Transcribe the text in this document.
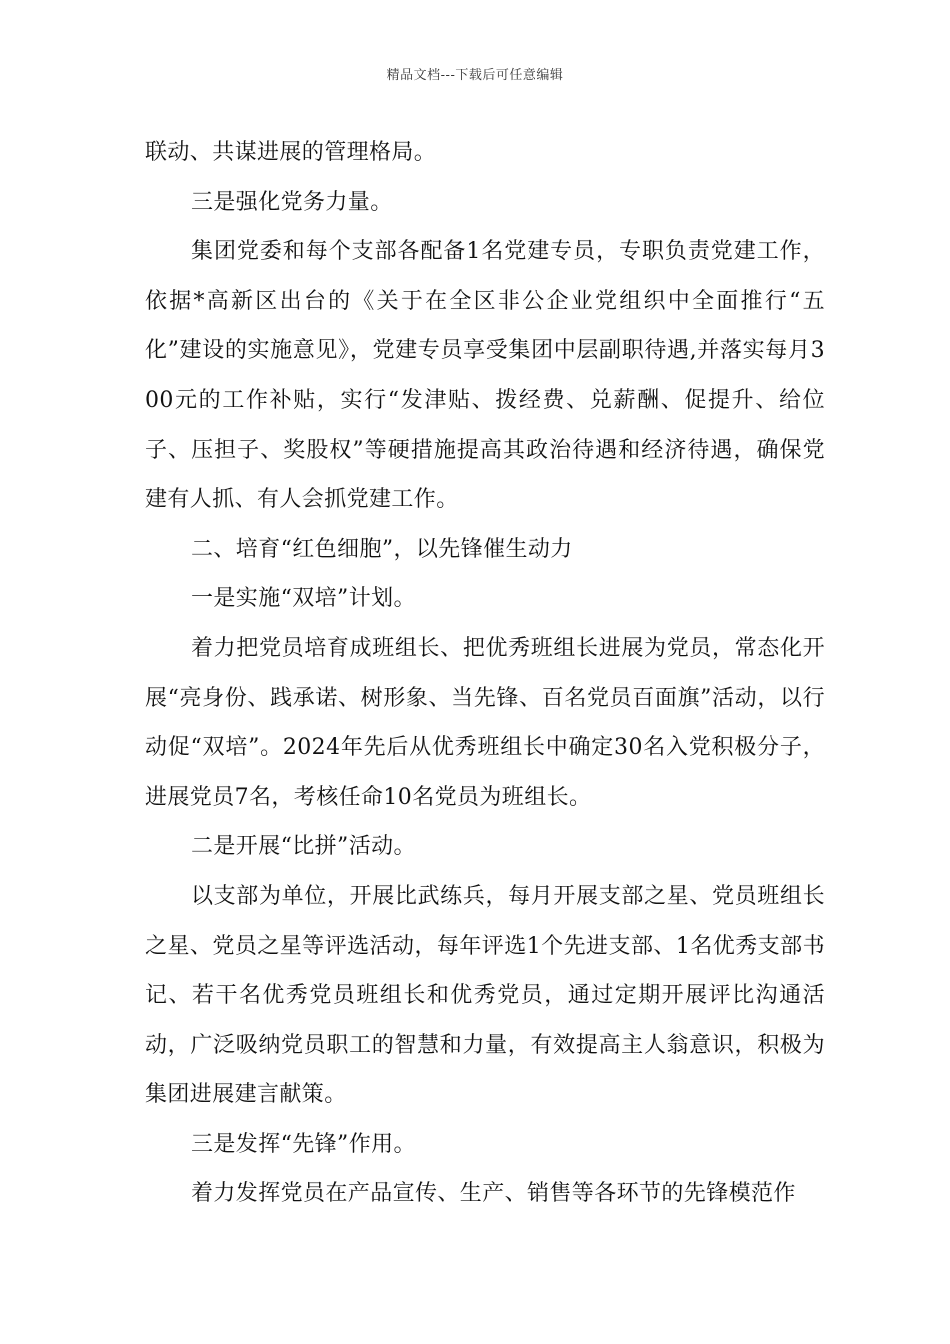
精品文档---下载后可任意编辑

联动、共谋进展的管理格局。

三是强化党务力量。

集团党委和每个支部各配备1名党建专员，专职负责党建工作，依据*高新区出台的《关于在全区非公企业党组织中全面推行“五化”建设的实施意见》，党建专员享受集团中层副职待遇,并落实每月300元的工作补贴，实行“发津贴、拨经费、兑薪酬、促提升、给位子、压担子、奖股权”等硬措施提高其政治待遇和经济待遇，确保党建有人抓、有人会抓党建工作。

二、培育“红色细胞”，以先锋催生动力

一是实施“双培”计划。

着力把党员培育成班组长、把优秀班组长进展为党员，常态化开展“亮身份、践承诺、树形象、当先锋、百名党员百面旗”活动，以行动促“双培”。2024年先后从优秀班组长中确定30名入党积极分子，进展党员7名，考核任命10名党员为班组长。

二是开展“比拼”活动。

以支部为单位，开展比武练兵，每月开展支部之星、党员班组长之星、党员之星等评选活动，每年评选1个先进支部、1名优秀支部书记、若干名优秀党员班组长和优秀党员，通过定期开展评比沟通活动，广泛吸纳党员职工的智慧和力量，有效提高主人翁意识，积极为集团进展建言献策。

三是发挥“先锋”作用。

着力发挥党员在产品宣传、生产、销售等各环节的先锋模范作
